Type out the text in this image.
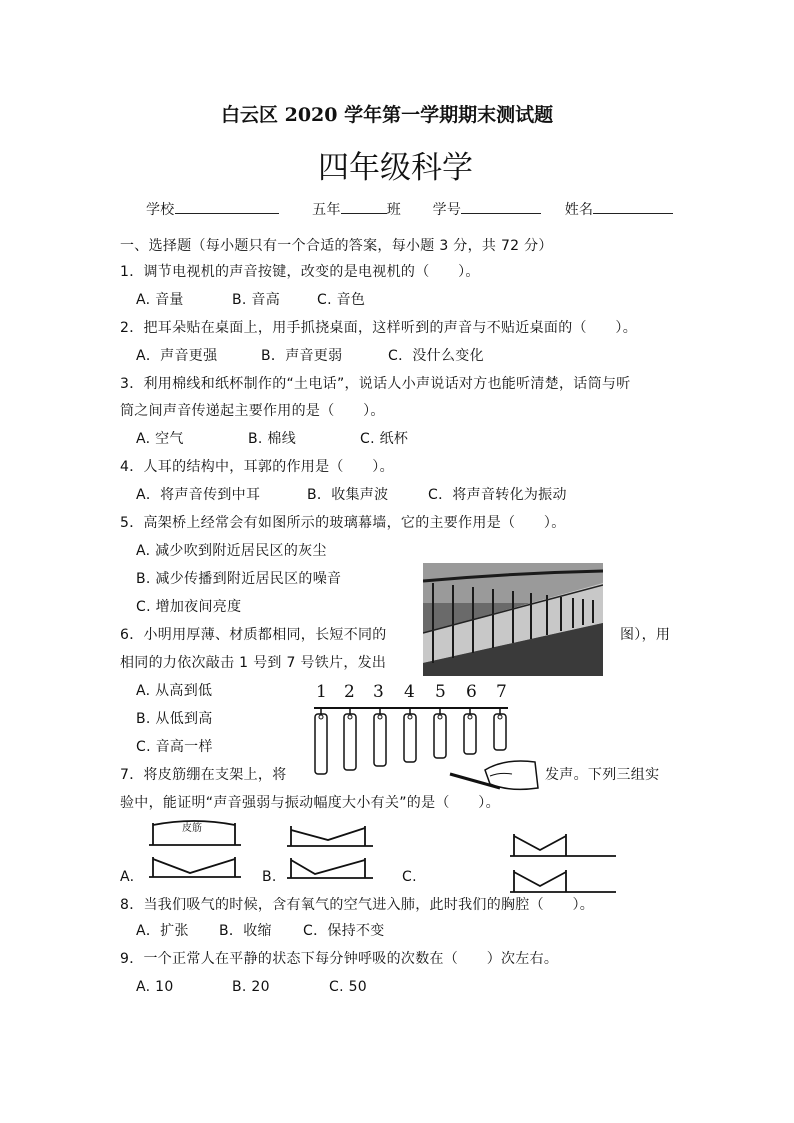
白云区 2020 学年第一学期期末测试题
四年级科学
学校	五年	班 学号	姓名
一、选择题（每小题只有一个合适的答案，每小题 3 分，共 72 分）
1．调节电视机的声音按键，改变的是电视机的（　　）。
A. 音量	B. 音高	C. 音色
2．把耳朵贴在桌面上，用手抓挠桌面，这样听到的声音与不贴近桌面的（　　）。
A．声音更强	B．声音更弱	C．没什么变化
3．利用棉线和纸杯制作的“土电话”，说话人小声说话对方也能听清楚，话筒与听
筒之间声音传递起主要作用的是（　　）。
A. 空气	B. 棉线	C. 纸杯
4．人耳的结构中，耳郭的作用是（　　）。
A．将声音传到中耳	B．收集声波	C．将声音转化为振动
5．高架桥上经常会有如图所示的玻璃幕墙，它的主要作用是（　　）。
A. 减少吹到附近居民区的灰尘
B. 减少传播到附近居民区的噪音
C. 增加夜间亮度
6．小明用厚薄、材质都相同，长短不同的	图），用
相同的力依次敲击 1 号到 7 号铁片，发出
A. 从高到低
B. 从低到高
C. 音高一样
1 2 3 4 5 6 7
7．将皮筋绷在支架上，将	发声。下列三组实
验中，能证明“声音强弱与振动幅度大小有关”的是（　　）。
皮筋
A.	B.	C.
8．当我们吸气的时候，含有氧气的空气进入肺，此时我们的胸腔（　　）。
A．扩张 B．收缩 C．保持不变
9．一个正常人在平静的状态下每分钟呼吸的次数在（　　）次左右。
A. 10	B. 20	C. 50
